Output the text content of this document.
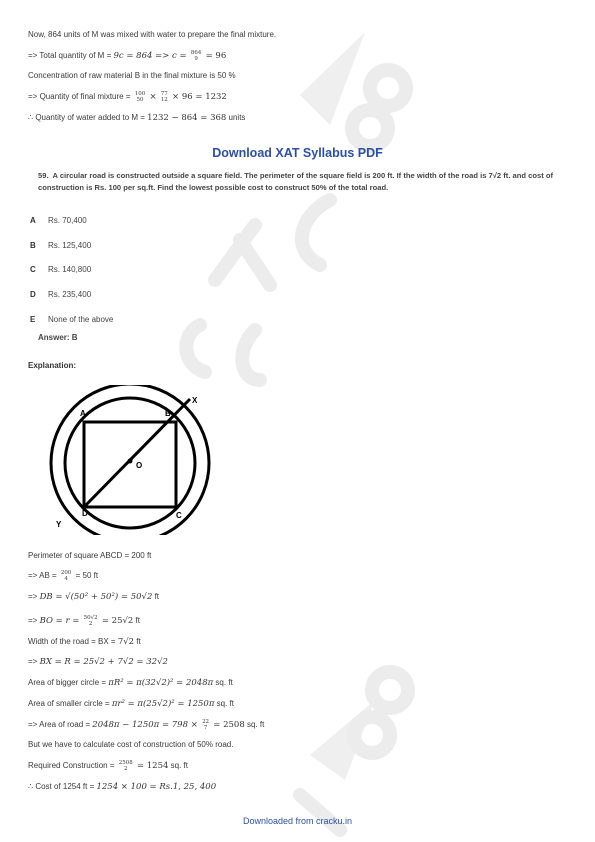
Now, 864 units of M was mixed with water to prepare the final mixture.
=> Total quantity of M = 9c = 864 => c = 864
9 = 96
Concentration of raw material B in the final mixture is 50 %
=> Quantity of final mixture = 100
50 × 77
12 × 96 = 1232
∴ Quantity of water added to M = 1232 − 864 = 368 units
Download XAT Syllabus PDF
59. A circular road is constructed outside a square field. The perimeter of the square field is 200 ft. If the width of the road is 7√2 ft. and cost of construction is Rs. 100 per sq.ft. Find the lowest possible cost to construct 50% of the total road.
A Rs. 70,400
B Rs. 125,400
C Rs. 140,800
D Rs. 235,400
E None of the above
Answer: B
Explanation:
A	B
C
D
O
X
Y
Perimeter of square ABCD = 200 ft
=> AB = 200
4 = 50 ft
=> DB = √(50² + 50²) = 50√2 ft
=> BO = r = 50√2
2	= 25√2 ft
Width of the road = BX = 7√2 ft
=> BX = R = 25√2 + 7√2 = 32√2
Area of bigger circle = πR² = π(32√2)² = 2048π sq. ft
Area of smaller circle = πr² = π(25√2)² = 1250π sq. ft
=> Area of road = 2048π − 1250π = 798 × 22
7 = 2508 sq. ft
But we have to calculate cost of construction of 50% road.
Required Construction = 2508
2	= 1254 sq. ft
∴ Cost of 1254 ft = 1254 × 100 = Rs.1, 25, 400
Downloaded from cracku.in
